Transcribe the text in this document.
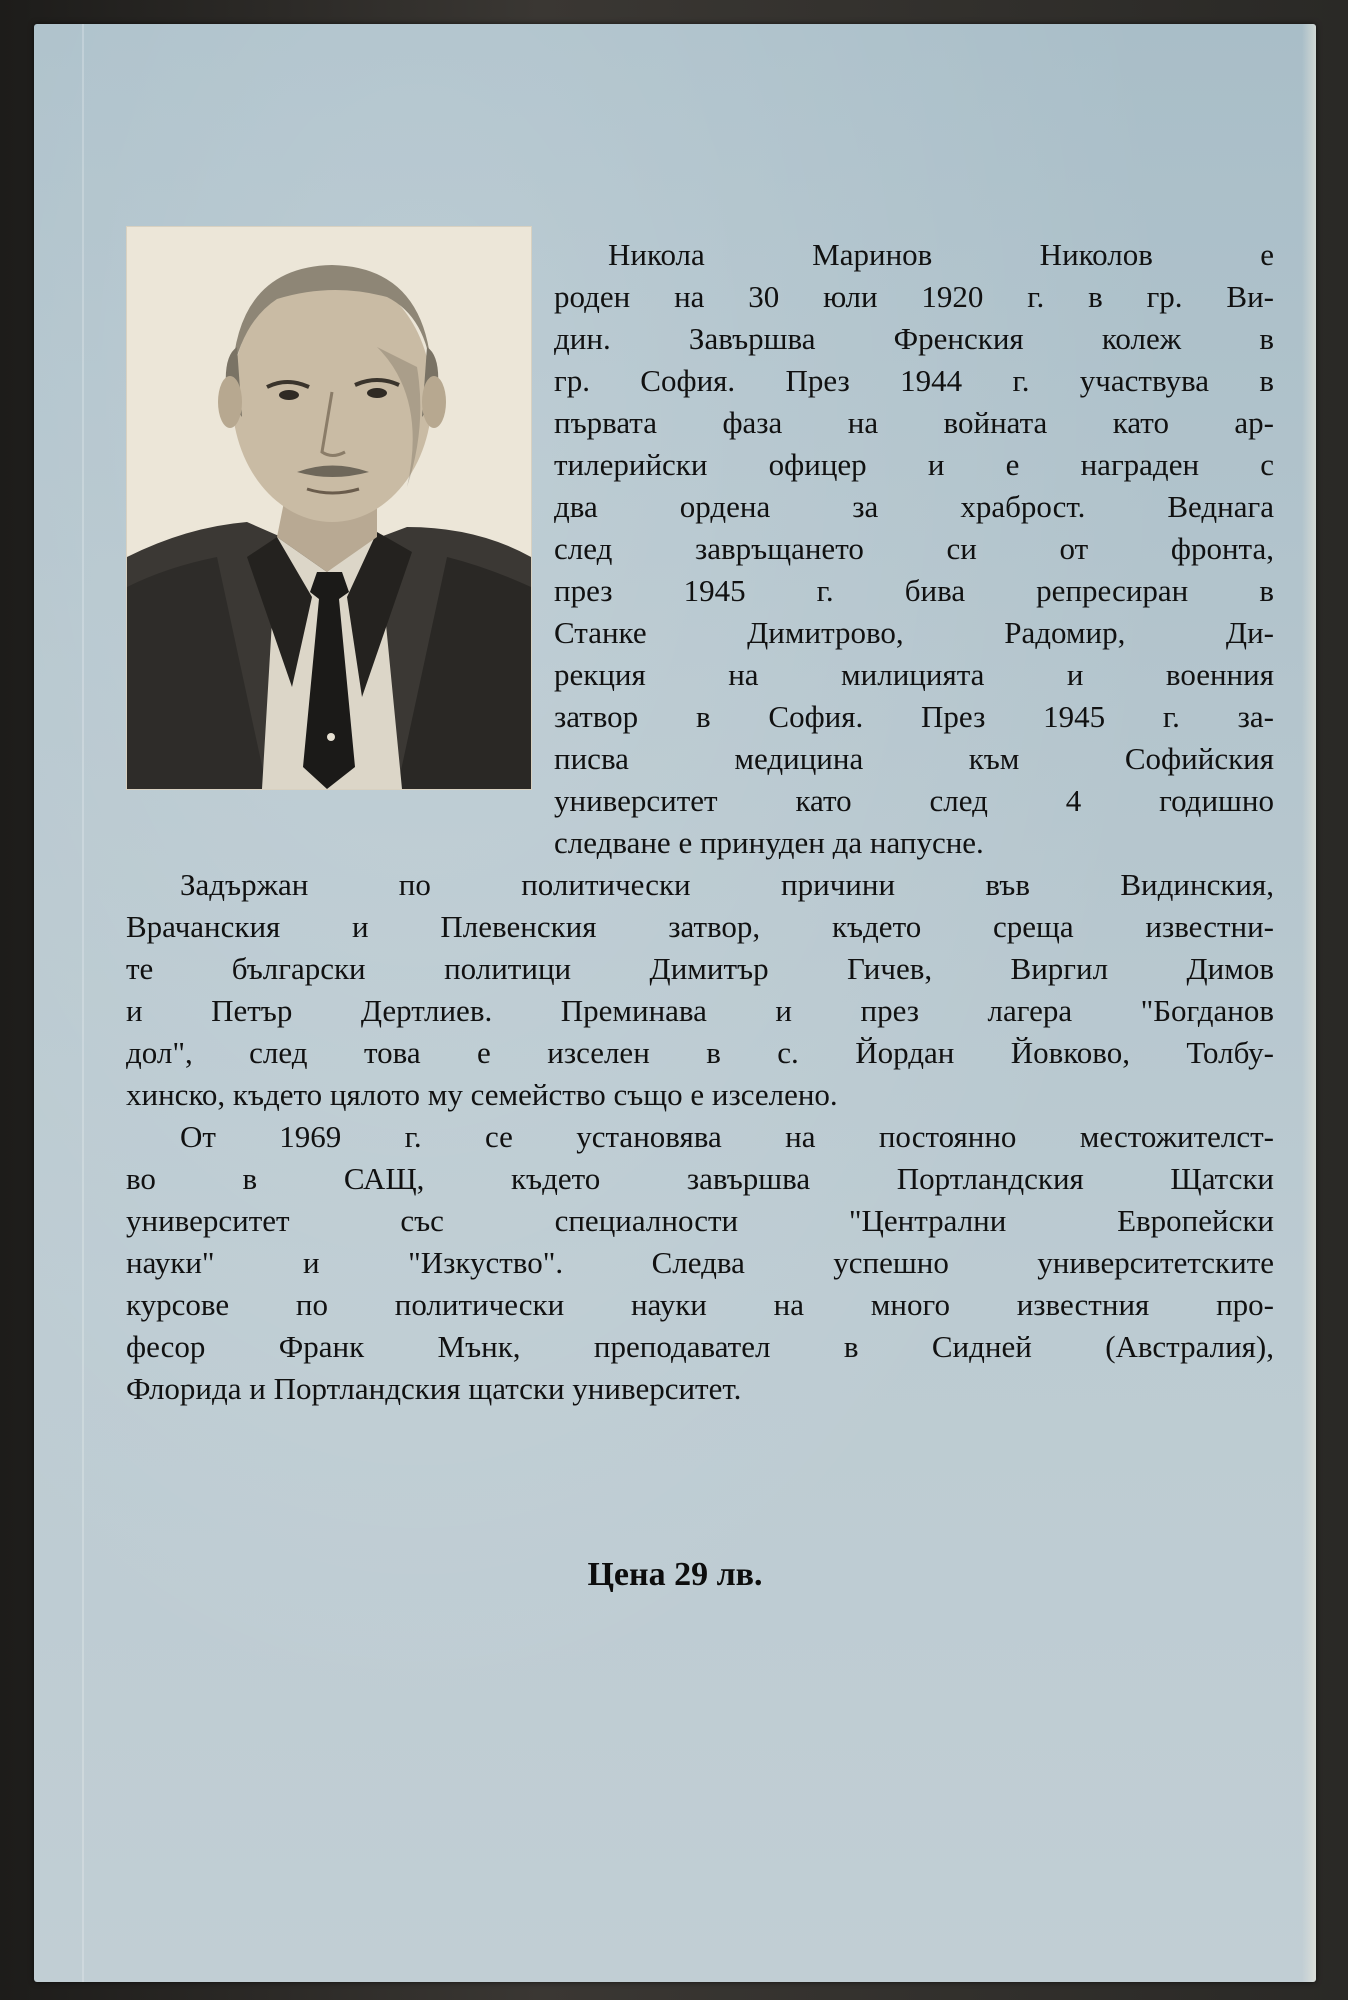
Никола Маринов Николов е
роден на 30 юли 1920 г. в гр. Ви-
дин. Завършва Френския колеж в
гр. София. През 1944 г. участвува в
първата фаза на войната като ар-
тилерийски офицер и е награден с
два ордена за храброст. Веднага
след завръщането си от фронта,
през 1945 г. бива репресиран в
Станке Димитрово, Радомир, Ди-
рекция на милицията и военния
затвор в София. През 1945 г. за-
писва медицина към Софийския
университет като след 4 годишно
следване е принуден да напусне.
Задържан по политически причини във Видинския,
Врачанския и Плевенския затвор, където среща известни-
те български политици Димитър Гичев, Виргил Димов
и Петър Дертлиев. Преминава и през лагера "Богданов
дол", след това е изселен в с. Йордан Йовково, Толбу-
хинско, където цялото му семейство също е изселено.
От 1969 г. се установява на постоянно местожителст-
во в САЩ, където завършва Портландския Щатски
университет със специалности "Централни Европейски
науки" и "Изкуство". Следва успешно университетските
курсове по политически науки на много известния про-
фесор Франк Мънк, преподавател в Сидней (Австралия),
Флорида и Портландския щатски университет.
Цена 29 лв.
